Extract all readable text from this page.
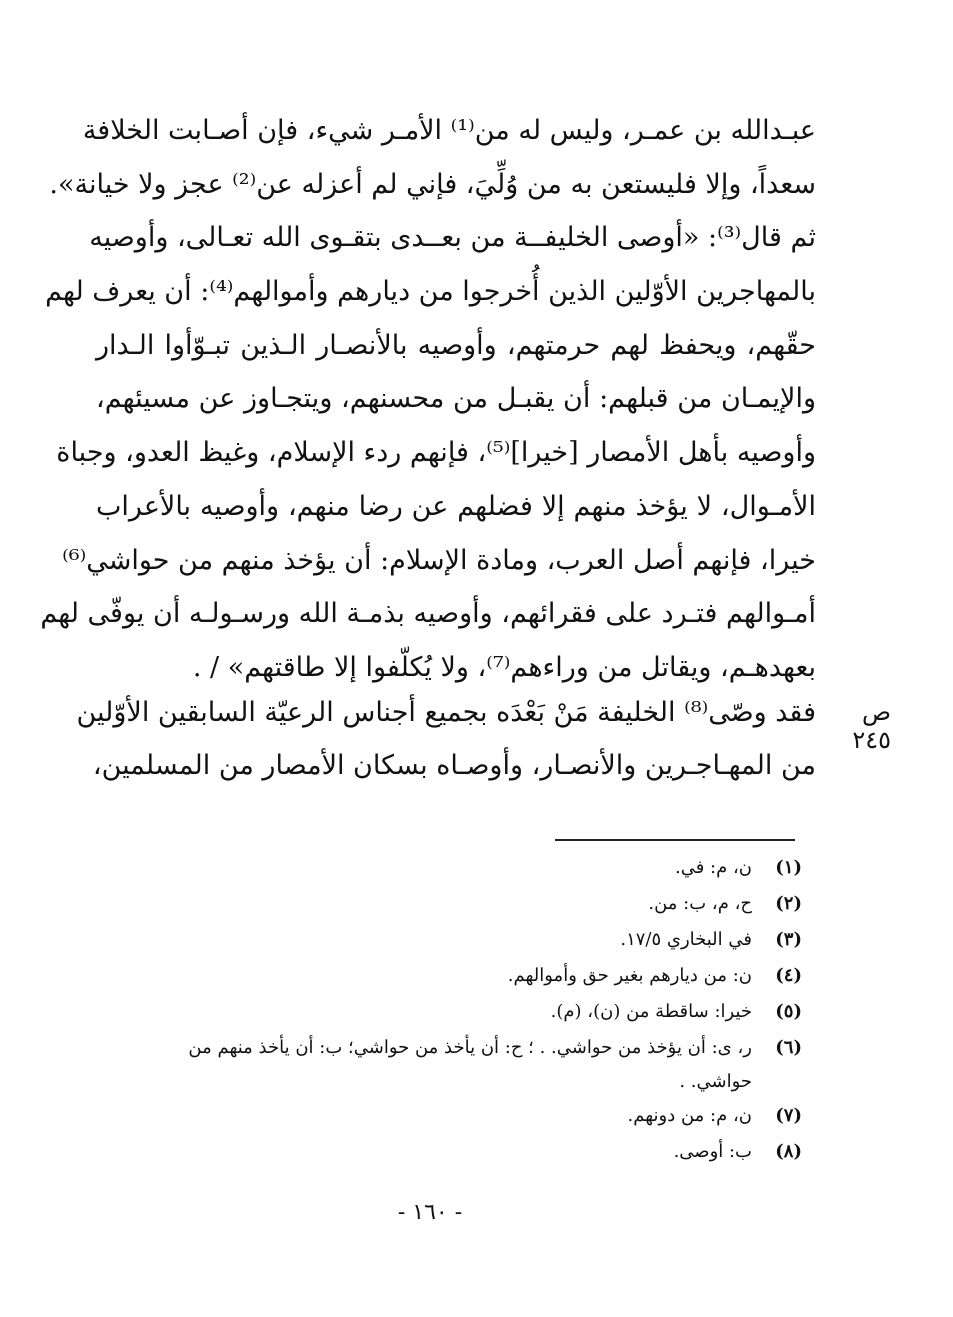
عبـدالله بن عمـر، وليس له من⁽¹⁾ الأمـر شيء، فإن أصـابت الخلافة
سعداً، وإلا فليستعن به من وُلِّيَ، فإني لم أعزله عن⁽²⁾ عجز ولا خيانة».
ثم قال⁽³⁾: «أوصى الخليفــة من بعــدى بتقـوى الله تعـالى، وأوصيه
بالمهاجرين الأوّلين الذين أُخرجوا من ديارهم وأموالهم⁽⁴⁾: أن يعرف لهم
حقّهم، ويحفظ لهم حرمتهم، وأوصيه بالأنصـار الـذين تبـوّأوا الـدار
والإيمـان من قبلهم: أن يقبـل من محسنهم، ويتجـاوز عن مسيئهم،
وأوصيه بأهل الأمصار [خيرا]⁽⁵⁾، فإنهم ردء الإسلام، وغيظ العدو، وجباة
الأمـوال، لا يؤخذ منهم إلا فضلهم عن رضا منهم، وأوصيه بالأعراب
خيرا، فإنهم أصل العرب، ومادة الإسلام: أن يؤخذ منهم من حواشي⁽⁶⁾
أمـوالهم فتـرد على فقرائهم، وأوصيه بذمـة الله ورسـولـه أن يوفّى لهم
بعهدهـم، ويقاتل من وراءهم⁽⁷⁾، ولا يُكلّفوا إلا طاقتهم» / .
ص ٢٤٥
فقد وصّى⁽⁸⁾ الخليفة مَنْ بَعْدَه بجميع أجناس الرعيّة السابقين الأوّلين
من المهـاجـرين والأنصـار، وأوصـاه بسكان الأمصار من المسلمين،
(١)
ن، م: في.
(٢)
ح، م، ب: من.
(٣)
في البخاري ١٧/٥.
(٤)
ن: من ديارهم بغير حق وأموالهم.
(٥)
خيرا: ساقطة من (ن)، (م).
(٦)
ر، ى: أن يؤخذ من حواشي. . ؛ ح: أن يأخذ من حواشي؛ ب: أن يأخذ منهم من
حواشي. .
(٧)
ن، م: من دونهم.
(٨)
ب: أوصى.
- ١٦٠ -
